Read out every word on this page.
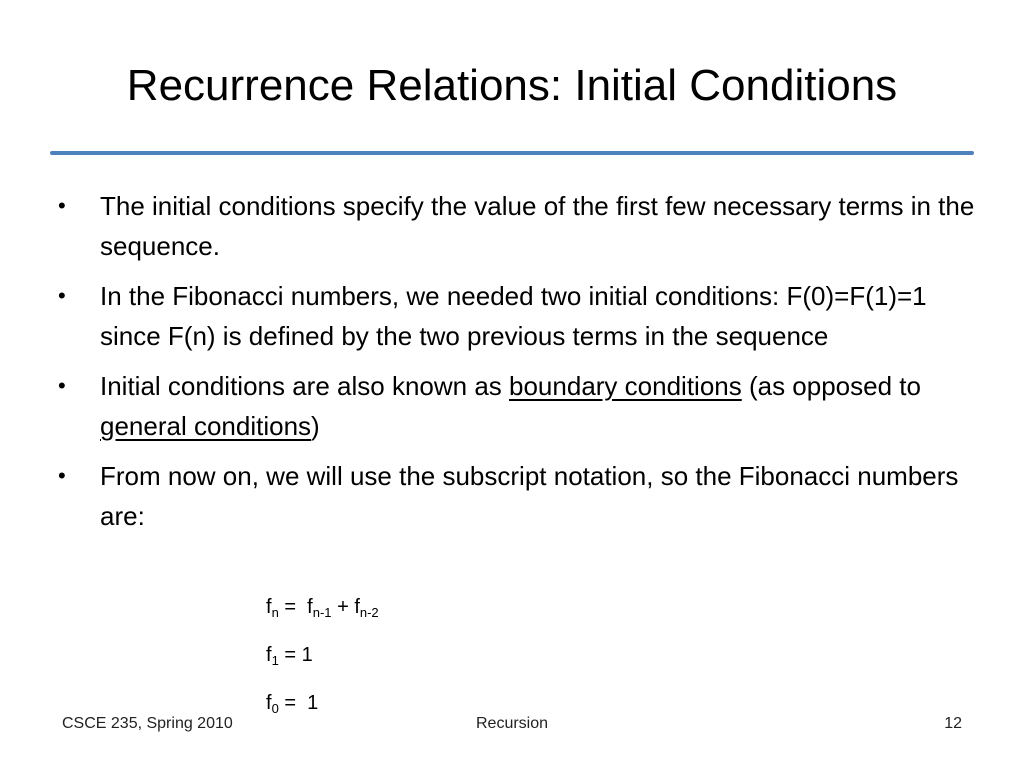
Recurrence Relations: Initial Conditions
•	The initial conditions specify the value of the first few necessary terms in the sequence.
•	In the Fibonacci numbers, we needed two initial conditions: F(0)=F(1)=1 since F(n) is defined by the two previous terms in the sequence
•	Initial conditions are also known as boundary conditions (as opposed to general conditions)
•	From now on, we will use the subscript notation, so the Fibonacci numbers are:
$f_n = f_{n-1} + f_{n-2}$
$f_1 = 1$
$f_0 = 1$
CSCE 235, Spring 2010	Recursion	12
